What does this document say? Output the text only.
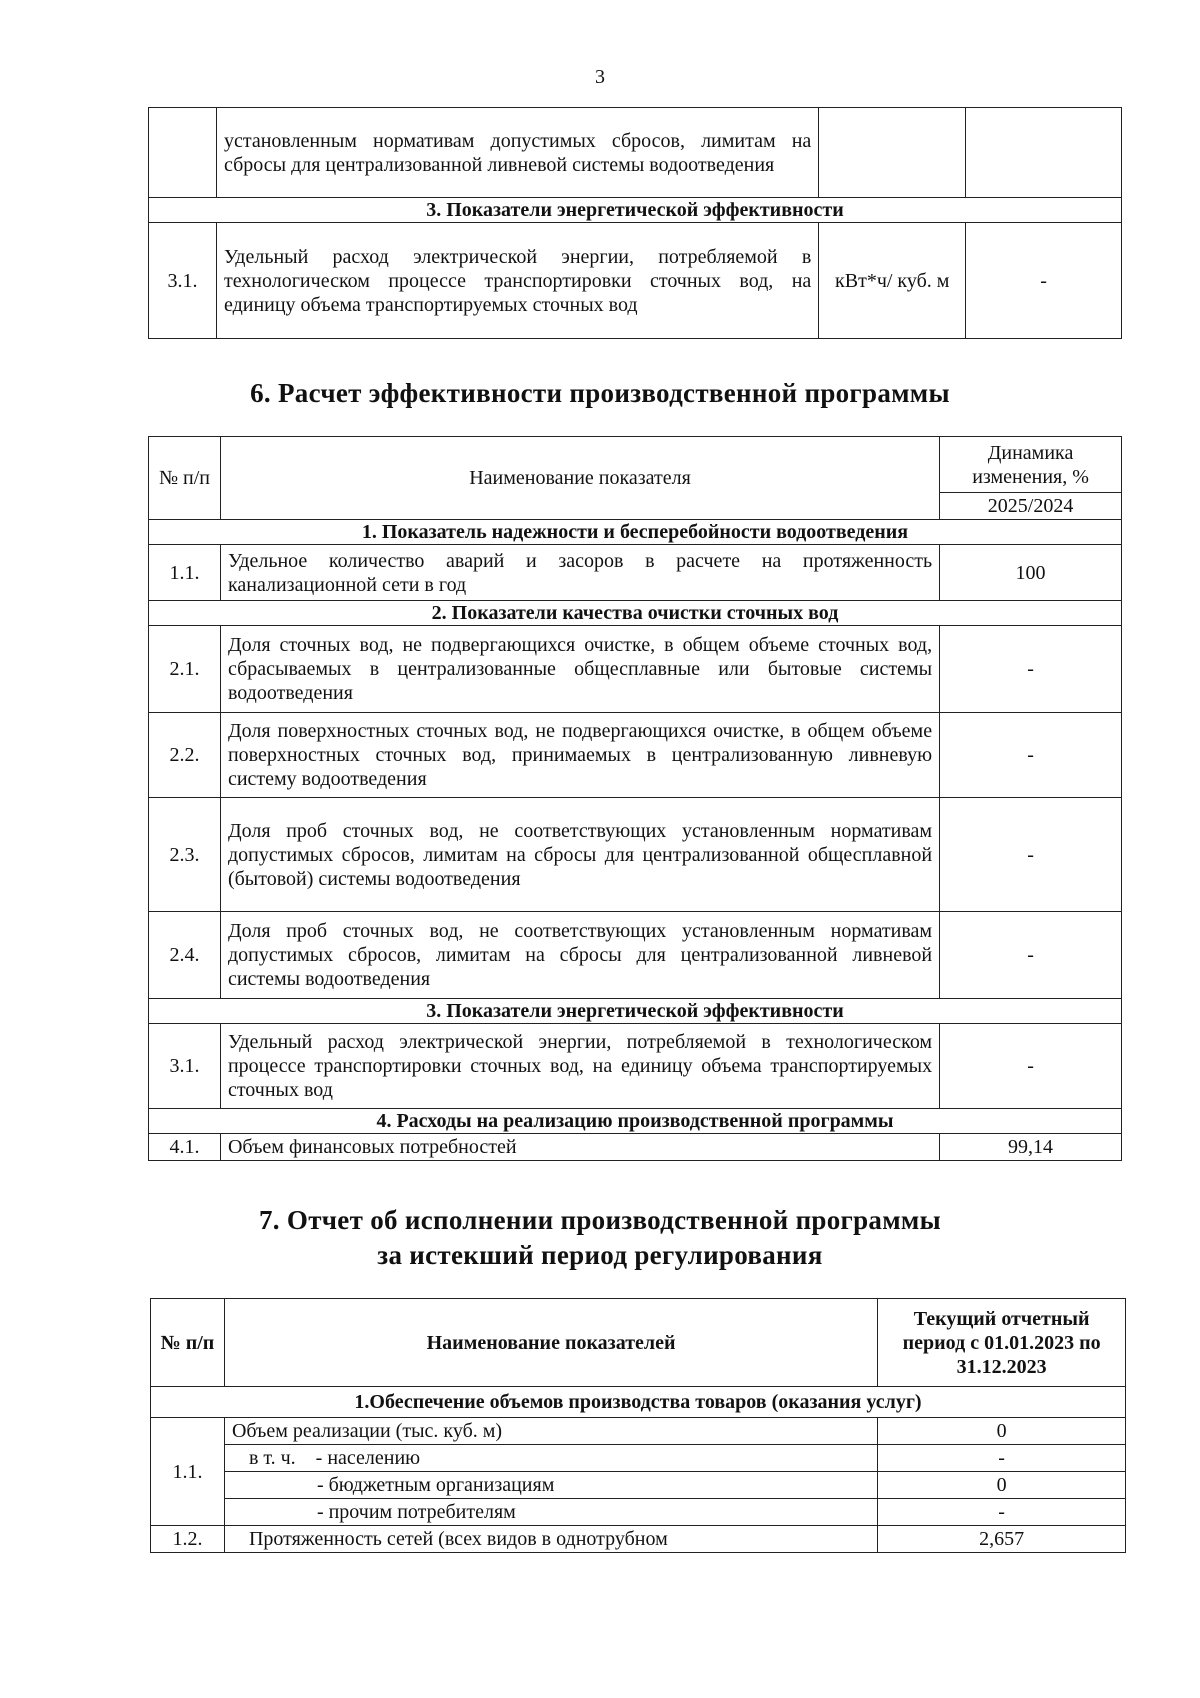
3
	установленным нормативам допустимых сбросов, лимитам на сбросы для централизованной ливневой системы водоотведения		
3. Показатели энергетической эффективности			
3.1.	Удельный расход электрической энергии, потребляемой в технологическом процессе транспортировки сточных вод, на единицу объема транспортируемых сточных вод	кВт*ч/ куб. м	-
6. Расчет эффективности производственной программы
№ п/п	Наименование показателя	Динамика изменения, %
		2025/2024
1. Показатель надежности и бесперебойности водоотведения		
1.1.	Удельное количество аварий и засоров в расчете на протяженность канализационной сети в год	100
2. Показатели качества очистки сточных вод		
2.1.	Доля сточных вод, не подвергающихся очистке, в общем объеме сточных вод, сбрасываемых в централизованные общесплавные или бытовые системы водоотведения	-
2.2.	Доля поверхностных сточных вод, не подвергающихся очистке, в общем объеме поверхностных сточных вод, принимаемых в централизованную ливневую систему водоотведения	-
2.3.	Доля проб сточных вод, не соответствующих установленным нормативам допустимых сбросов, лимитам на сбросы для централизованной общесплавной (бытовой) системы водоотведения	-
2.4.	Доля проб сточных вод, не соответствующих установленным нормативам допустимых сбросов, лимитам на сбросы для централизованной ливневой системы водоотведения	-
3. Показатели энергетической эффективности		
3.1.	Удельный расход электрической энергии, потребляемой в технологическом процессе транспортировки сточных вод, на единицу объема транспортируемых сточных вод	-
4. Расходы на реализацию производственной программы		
4.1.	Объем финансовых потребностей	99,14
7. Отчет об исполнении производственной программы
за истекший период регулирования
№ п/п	Наименование показателей	Текущий отчетный период с 01.01.2023 по 31.12.2023
1.Обеспечение объемов производства товаров (оказания услуг)		
1.1.	Объем реализации (тыс. куб. м)	0
	в т. ч.    - населению	-
	- бюджетным организациям	0
	- прочим потребителям	-
1.2.	Протяженность сетей (всех видов в однотрубном	2,657
